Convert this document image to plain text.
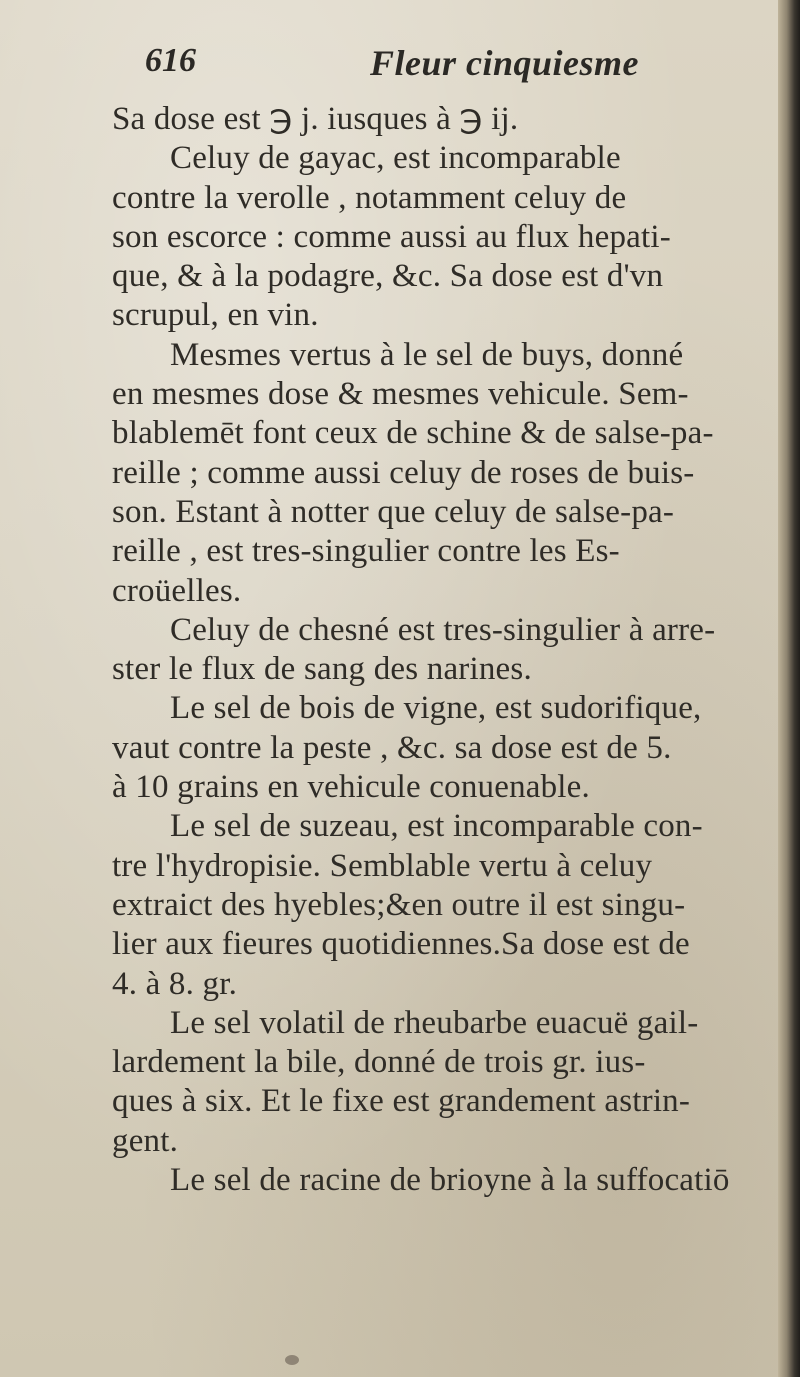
616	Fleur cinquiesme
Sa dose est ℈ j. iusques à ℈ ij.
Celuy de gayac, est incomparable
contre la verolle , notamment celuy de
son escorce : comme aussi au flux hepati-
que, & à la podagre, &c. Sa dose est d'vn
scrupul, en vin.
Mesmes vertus à le sel de buys, donné
en mesmes dose & mesmes vehicule. Sem-
blablemēt font ceux de schine & de salse-pa-
reille ; comme aussi celuy de roses de buis-
son. Estant à notter que celuy de salse-pa-
reille , est tres-singulier contre les Es-
croüelles.
Celuy de chesné est tres-singulier à arre-
ster le flux de sang des narines.
Le sel de bois de vigne, est sudorifique,
vaut contre la peste , &c. sa dose est de 5.
à 10 grains en vehicule conuenable.
Le sel de suzeau, est incomparable con-
tre l'hydropisie. Semblable vertu à celuy
extraict des hyebles;&en outre il est singu-
lier aux fieures quotidiennes.Sa dose est de
4. à 8. gr.
Le sel volatil de rheubarbe euacuë gail-
lardement la bile, donné de trois gr. ius-
ques à six. Et le fixe est grandement astrin-
gent.
Le sel de racine de brioyne à la suffocatiō
